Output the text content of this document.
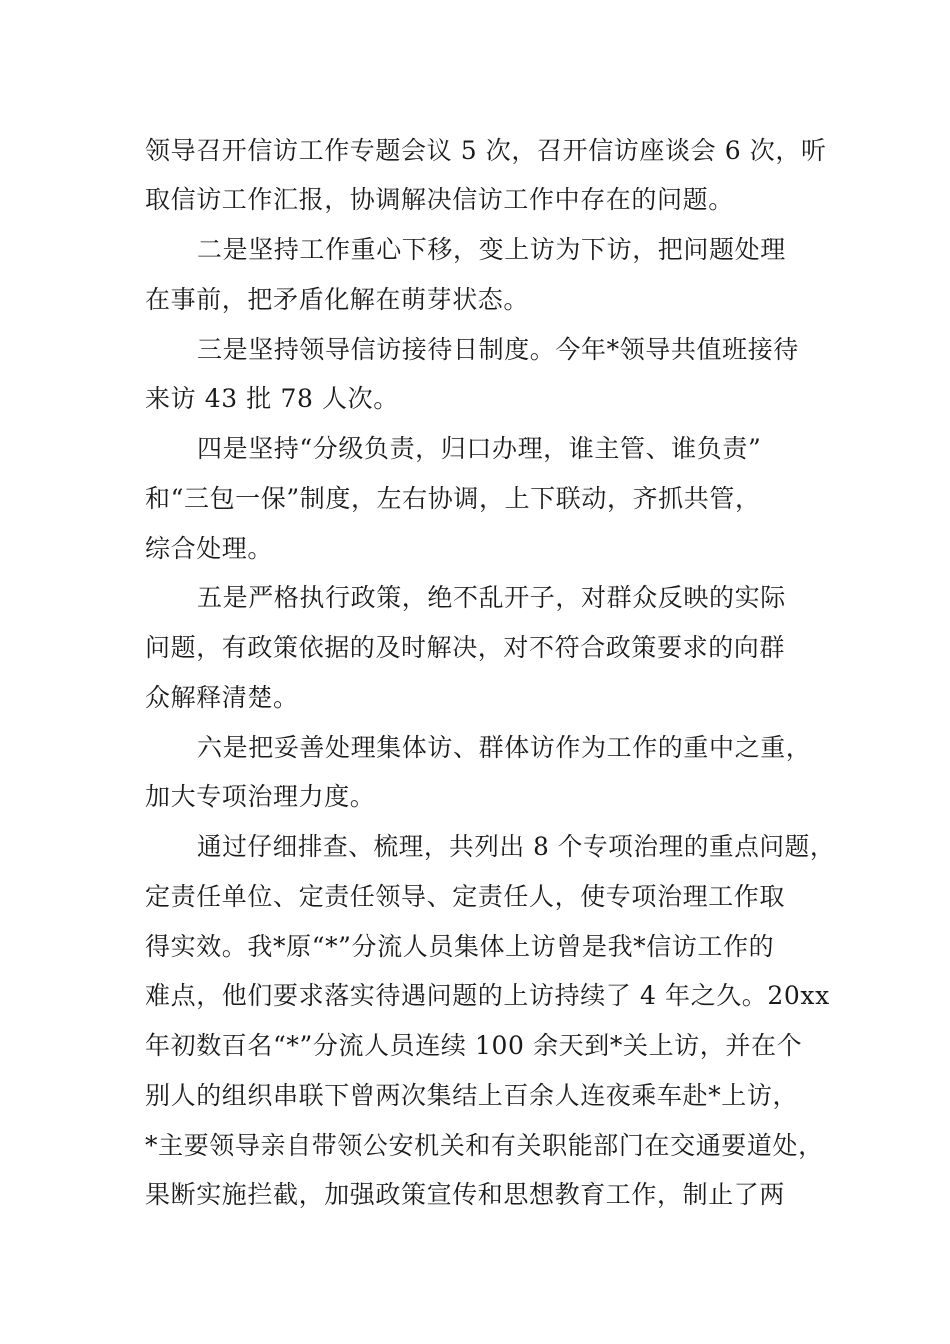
领导召开信访工作专题会议 5 次，召开信访座谈会 6 次，听
取信访工作汇报，协调解决信访工作中存在的问题。
二是坚持工作重心下移，变上访为下访，把问题处理
在事前，把矛盾化解在萌芽状态。
三是坚持领导信访接待日制度。今年*领导共值班接待
来访 43 批 78 人次。
四是坚持“分级负责，归口办理，谁主管、谁负责”
和“三包一保”制度，左右协调，上下联动，齐抓共管，
综合处理。
五是严格执行政策，绝不乱开子，对群众反映的实际
问题，有政策依据的及时解决，对不符合政策要求的向群
众解释清楚。
六是把妥善处理集体访、群体访作为工作的重中之重，
加大专项治理力度。
通过仔细排查、梳理，共列出 8 个专项治理的重点问题，
定责任单位、定责任领导、定责任人，使专项治理工作取
得实效。我*原“*”分流人员集体上访曾是我*信访工作的
难点，他们要求落实待遇问题的上访持续了 4 年之久。20xx
年初数百名“*”分流人员连续 100 余天到*关上访，并在个
别人的组织串联下曾两次集结上百余人连夜乘车赴*上访，
*主要领导亲自带领公安机关和有关职能部门在交通要道处，
果断实施拦截，加强政策宣传和思想教育工作，制止了两
